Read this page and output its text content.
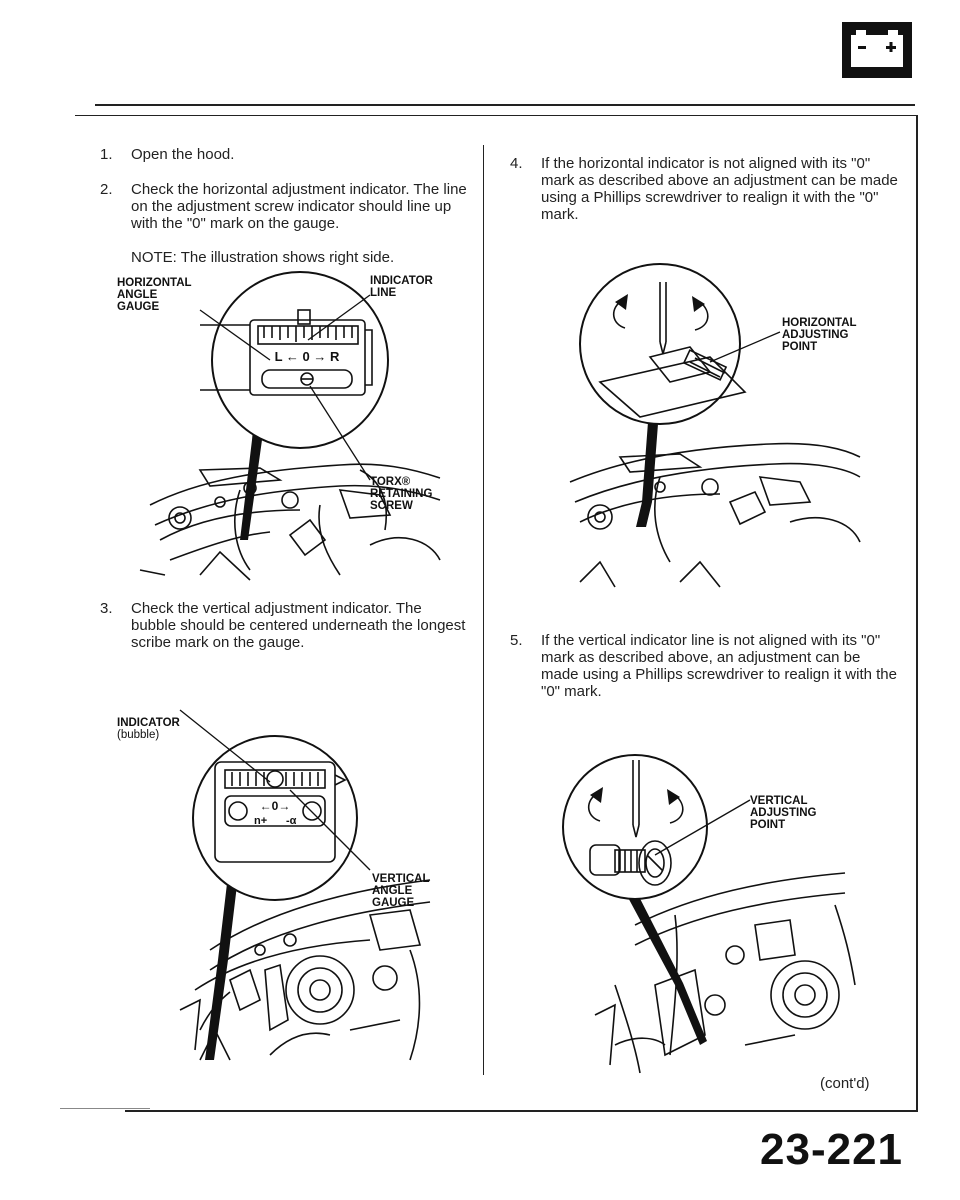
1. Open the hood.
2. Check the horizontal adjustment indicator. The line on the adjustment screw indicator should line up with the "0" mark on the gauge.
NOTE: The illustration shows right side.
HORIZONTAL
ANGLE
GAUGE
INDICATOR
LINE
TORX®
RETAINING
SCREW
L ← 0 → R
3. Check the vertical adjustment indicator. The bubble should be centered underneath the longest scribe mark on the gauge.

INDICATOR

(bubble)

VERTICAL
ANGLE
GAUGE
←0→
n+ -α
4. If the horizontal indicator is not aligned with its "0" mark as described above an adjustment can be made using a Phillips screwdriver to realign it with the "0" mark.
HORIZONTAL
ADJUSTING
POINT
5. If the vertical indicator line is not aligned with its "0" mark as described above, an adjustment can be made using a Phillips screwdriver to realign it with the "0" mark.
VERTICAL
ADJUSTING
POINT
(cont'd)
23-221
